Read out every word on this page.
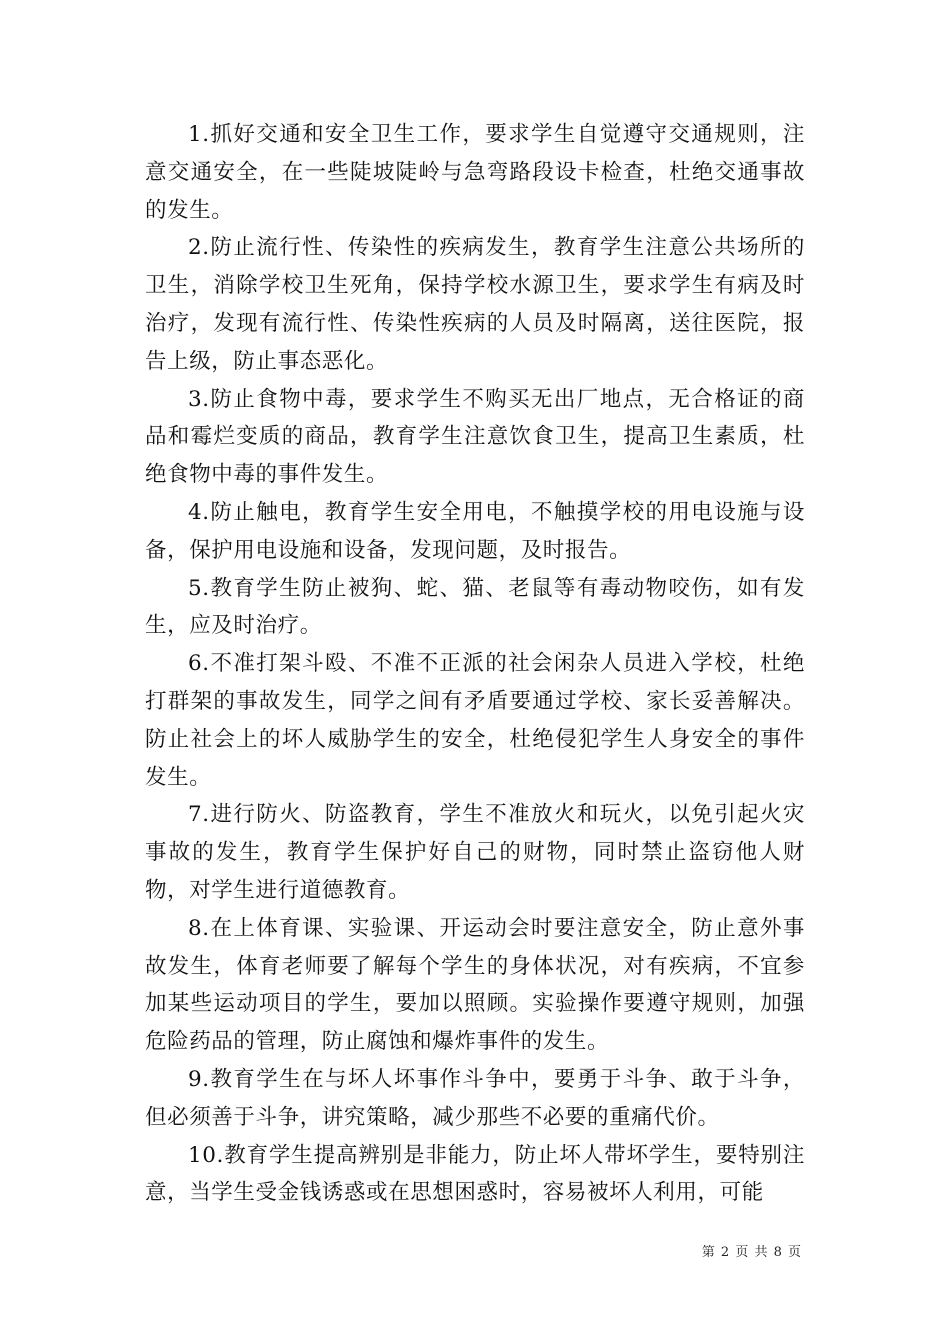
1.抓好交通和安全卫生工作，要求学生自觉遵守交通规则，注意交通安全，在一些陡坡陡岭与急弯路段设卡检查，杜绝交通事故的发生。

2.防止流行性、传染性的疾病发生，教育学生注意公共场所的卫生，消除学校卫生死角，保持学校水源卫生，要求学生有病及时治疗，发现有流行性、传染性疾病的人员及时隔离，送往医院，报告上级，防止事态恶化。

3.防止食物中毒，要求学生不购买无出厂地点，无合格证的商品和霉烂变质的商品，教育学生注意饮食卫生，提高卫生素质，杜绝食物中毒的事件发生。

4.防止触电，教育学生安全用电，不触摸学校的用电设施与设备，保护用电设施和设备，发现问题，及时报告。

5.教育学生防止被狗、蛇、猫、老鼠等有毒动物咬伤，如有发生，应及时治疗。

6.不准打架斗殴、不准不正派的社会闲杂人员进入学校，杜绝打群架的事故发生，同学之间有矛盾要通过学校、家长妥善解决。防止社会上的坏人威胁学生的安全，杜绝侵犯学生人身安全的事件发生。

7.进行防火、防盗教育，学生不准放火和玩火，以免引起火灾事故的发生，教育学生保护好自己的财物，同时禁止盗窃他人财物，对学生进行道德教育。

8.在上体育课、实验课、开运动会时要注意安全，防止意外事故发生，体育老师要了解每个学生的身体状况，对有疾病，不宜参加某些运动项目的学生，要加以照顾。实验操作要遵守规则，加强危险药品的管理，防止腐蚀和爆炸事件的发生。

9.教育学生在与坏人坏事作斗争中，要勇于斗争、敢于斗争，但必须善于斗争，讲究策略，减少那些不必要的重痛代价。

10.教育学生提高辨别是非能力，防止坏人带坏学生，要特别注意，当学生受金钱诱惑或在思想困惑时，容易被坏人利用，可能

第 2 页 共 8 页
